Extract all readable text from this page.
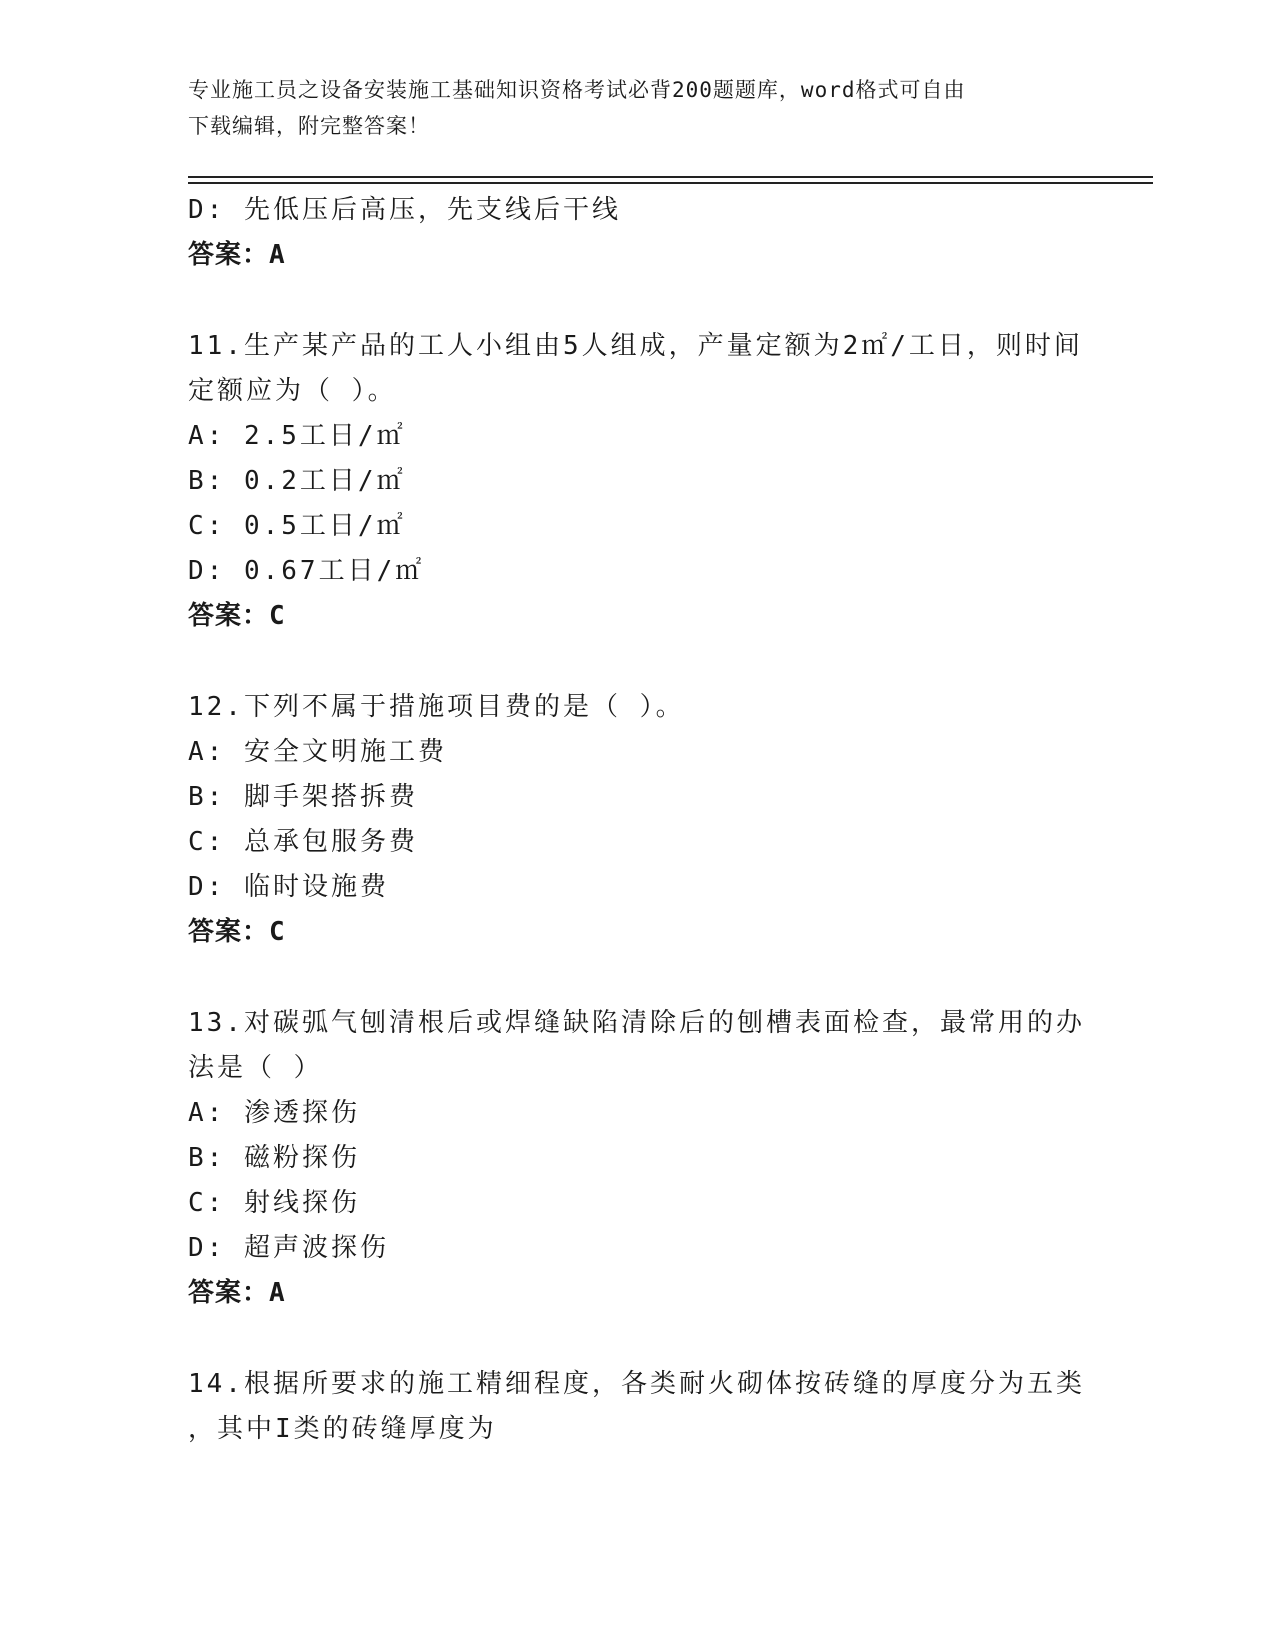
专业施工员之设备安装施工基础知识资格考试必背200题题库，word格式可自由
下载编辑，附完整答案！
D: 先低压后高压，先支线后干线
答案：A
11.生产某产品的工人小组由5人组成，产量定额为2㎡/工日，则时间
定额应为（ ）。
A: 2.5工日/㎡
B: 0.2工日/㎡
C: 0.5工日/㎡
D: 0.67工日/㎡
答案：C
12.下列不属于措施项目费的是（ ）。
A: 安全文明施工费
B: 脚手架搭拆费
C: 总承包服务费
D: 临时设施费
答案：C
13.对碳弧气刨清根后或焊缝缺陷清除后的刨槽表面检查，最常用的办
法是（ ）
A: 渗透探伤
B: 磁粉探伤
C: 射线探伤
D: 超声波探伤
答案：A
14.根据所要求的施工精细程度，各类耐火砌体按砖缝的厚度分为五类
，其中I类的砖缝厚度为
